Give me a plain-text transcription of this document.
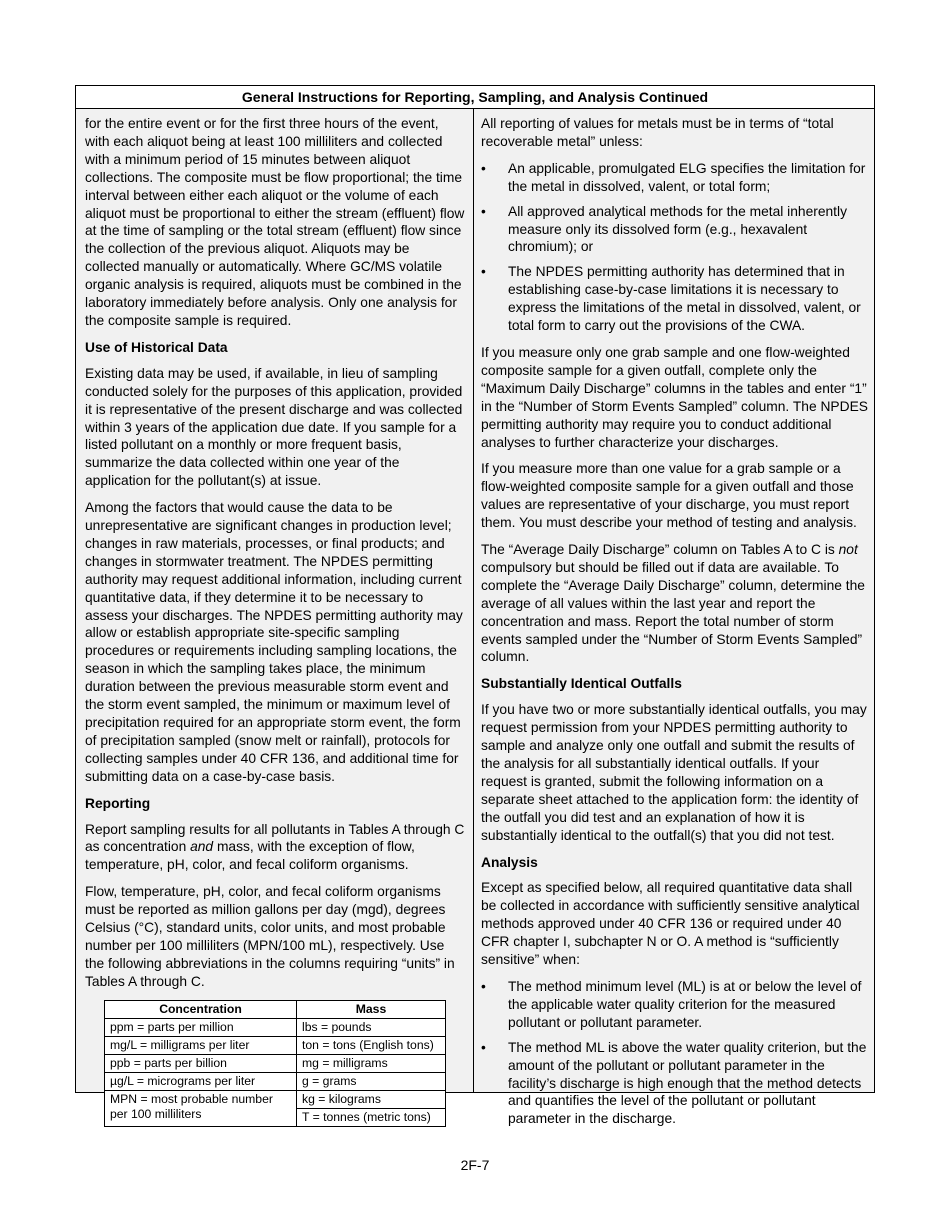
General Instructions for Reporting, Sampling, and Analysis Continued

for the entire event or for the first three hours of the event, with each aliquot being at least 100 milliliters and collected with a minimum period of 15 minutes between aliquot collections. The composite must be flow proportional; the time interval between either each aliquot or the volume of each aliquot must be proportional to either the stream (effluent) flow at the time of sampling or the total stream (effluent) flow since the collection of the previous aliquot. Aliquots may be collected manually or automatically. Where GC/MS volatile organic analysis is required, aliquots must be combined in the laboratory immediately before analysis. Only one analysis for the composite sample is required.

Use of Historical Data

Existing data may be used, if available, in lieu of sampling conducted solely for the purposes of this application, provided it is representative of the present discharge and was collected within 3 years of the application due date. If you sample for a listed pollutant on a monthly or more frequent basis, summarize the data collected within one year of the application for the pollutant(s) at issue.

Among the factors that would cause the data to be unrepresentative are significant changes in production level; changes in raw materials, processes, or final products; and changes in stormwater treatment. The NPDES permitting authority may request additional information, including current quantitative data, if they determine it to be necessary to assess your discharges. The NPDES permitting authority may allow or establish appropriate site-specific sampling procedures or requirements including sampling locations, the season in which the sampling takes place, the minimum duration between the previous measurable storm event and the storm event sampled, the minimum or maximum level of precipitation required for an appropriate storm event, the form of precipitation sampled (snow melt or rainfall), protocols for collecting samples under 40 CFR 136, and additional time for submitting data on a case-by-case basis.

Reporting

Report sampling results for all pollutants in Tables A through C as concentration and mass, with the exception of flow, temperature, pH, color, and fecal coliform organisms.

Flow, temperature, pH, color, and fecal coliform organisms must be reported as million gallons per day (mgd), degrees Celsius (°C), standard units, color units, and most probable number per 100 milliliters (MPN/100 mL), respectively. Use the following abbreviations in the columns requiring “units” in Tables A through C.

Concentration	Mass
ppm = parts per million	lbs = pounds
mg/L = milligrams per liter	ton = tons (English tons)
ppb = parts per billion	mg = milligrams
µg/L = micrograms per liter	g = grams
MPN = most probable number per 100 milliliters	kg = kilograms
	T = tonnes (metric tons)

All reporting of values for metals must be in terms of “total recoverable metal” unless:

• An applicable, promulgated ELG specifies the limitation for the metal in dissolved, valent, or total form;
• All approved analytical methods for the metal inherently measure only its dissolved form (e.g., hexavalent chromium); or
• The NPDES permitting authority has determined that in establishing case-by-case limitations it is necessary to express the limitations of the metal in dissolved, valent, or total form to carry out the provisions of the CWA.

If you measure only one grab sample and one flow-weighted composite sample for a given outfall, complete only the “Maximum Daily Discharge” columns in the tables and enter “1” in the “Number of Storm Events Sampled” column. The NPDES permitting authority may require you to conduct additional analyses to further characterize your discharges.

If you measure more than one value for a grab sample or a flow-weighted composite sample for a given outfall and those values are representative of your discharge, you must report them. You must describe your method of testing and analysis.

The “Average Daily Discharge” column on Tables A to C is not compulsory but should be filled out if data are available. To complete the “Average Daily Discharge” column, determine the average of all values within the last year and report the concentration and mass. Report the total number of storm events sampled under the “Number of Storm Events Sampled” column.

Substantially Identical Outfalls

If you have two or more substantially identical outfalls, you may request permission from your NPDES permitting authority to sample and analyze only one outfall and submit the results of the analysis for all substantially identical outfalls. If your request is granted, submit the following information on a separate sheet attached to the application form: the identity of the outfall you did test and an explanation of how it is substantially identical to the outfall(s) that you did not test.

Analysis

Except as specified below, all required quantitative data shall be collected in accordance with sufficiently sensitive analytical methods approved under 40 CFR 136 or required under 40 CFR chapter I, subchapter N or O. A method is “sufficiently sensitive” when:

• The method minimum level (ML) is at or below the level of the applicable water quality criterion for the measured pollutant or pollutant parameter.
• The method ML is above the water quality criterion, but the amount of the pollutant or pollutant parameter in the facility’s discharge is high enough that the method detects and quantifies the level of the pollutant or pollutant parameter in the discharge.
2F-7
